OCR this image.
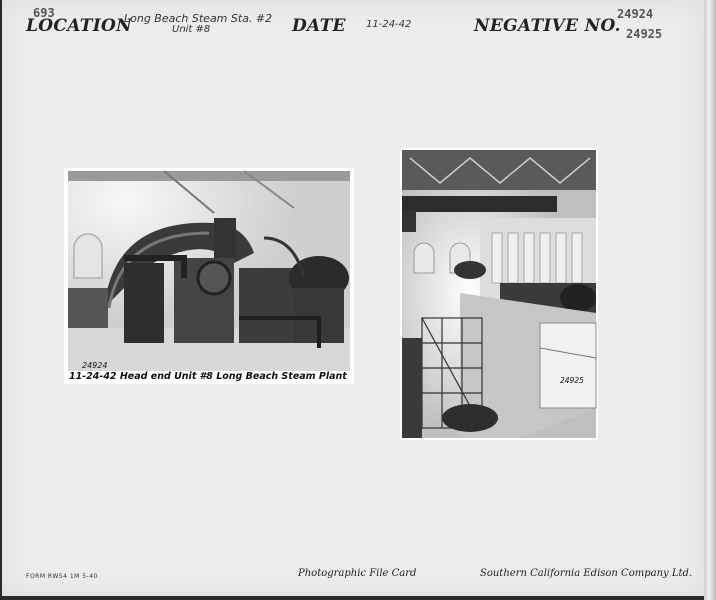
693
LOCATION
Long Beach Steam Sta. #2
Unit #8	DATE 11-24-42	NEGATIVE NO.
24924
24925
24924
11-24-42 Head end Unit #8 Long Beach Steam Plant	24925
FORM RW54 1M 5-40	Photographic File Card	Southern California Edison Company Ltd.
